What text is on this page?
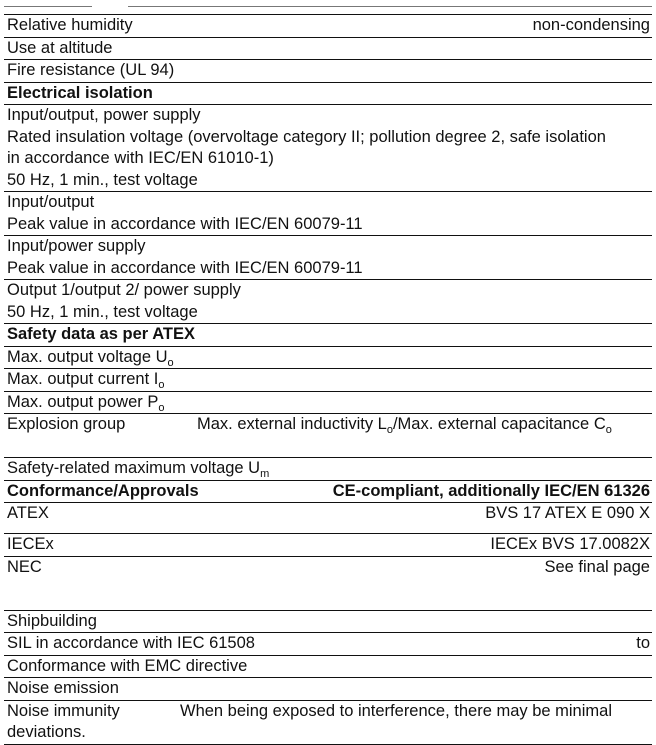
Relative humidity	non-condensing
Use at altitude
Fire resistance (UL 94)
Electrical isolation
Input/output, power supply
Rated insulation voltage (overvoltage category II; pollution degree 2, safe isolation
in accordance with IEC/EN 61010-1)
50 Hz, 1 min., test voltage
Input/output
Peak value in accordance with IEC/EN 60079-11
Input/power supply
Peak value in accordance with IEC/EN 60079-11
Output 1/output 2/ power supply
50 Hz, 1 min., test voltage
Safety data as per ATEX
Max. output voltage $U_o$
Max. output current $I_o$
Max. output power $P_o$
Explosion group	Max. external inductivity $L_o$/Max. external capacitance $C_o$
Safety-related maximum voltage $U_m$
Conformance/Approvals	CE-compliant, additionally IEC/EN 61326
ATEX	BVS 17 ATEX E 090 X
IECEx	IECEx BVS 17.0082X
NEC	See final page
Shipbuilding
SIL in accordance with IEC 61508	to
Conformance with EMC directive
Noise emission
Noise immunity	When being exposed to interference, there may be minimal
deviations.
